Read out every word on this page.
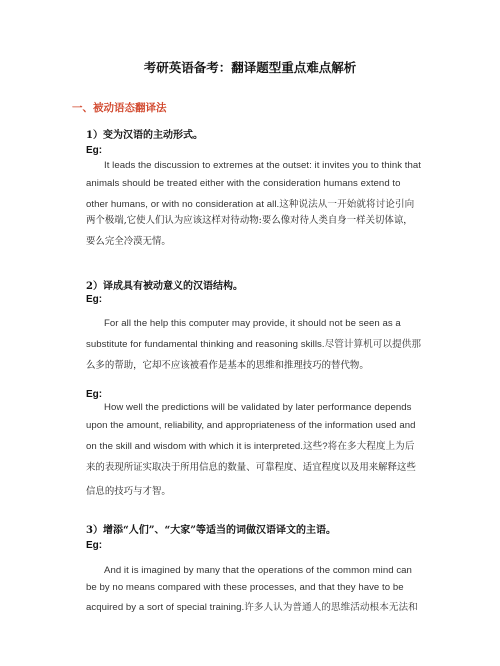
考研英语备考：翻译题型重点难点解析
一、被动语态翻译法
1）变为汉语的主动形式。
Eg:
It leads the discussion to extremes at the outset: it invites you to think that
animals should be treated either with the consideration humans extend to
other humans, or with no consideration at all.这种说法从一开始就将讨论引向
两个极端,它使人们认为应该这样对待动物:要么像对待人类自身一样关切体谅，
要么完全冷漠无情。
2）译成具有被动意义的汉语结构。
Eg:
For all the help this computer may provide, it should not be seen as a
substitute for fundamental thinking and reasoning skills.尽管计算机可以提供那
么多的帮助，它却不应该被看作是基本的思维和推理技巧的替代物。
Eg:
How well the predictions will be validated by later performance depends
upon the amount, reliability, and appropriateness of the information used and
on the skill and wisdom with which it is interpreted.这些?将在多大程度上为后
来的表现所证实取决于所用信息的数量、可靠程度、适宜程度以及用来解释这些
信息的技巧与才智。
3）增添“人们”、“大家”等适当的词做汉语译文的主语。
Eg:
And it is imagined by many that the operations of the common mind can
be by no means compared with these processes, and that they have to be
acquired by a sort of special training.许多人认为普通人的思维活动根本无法和
